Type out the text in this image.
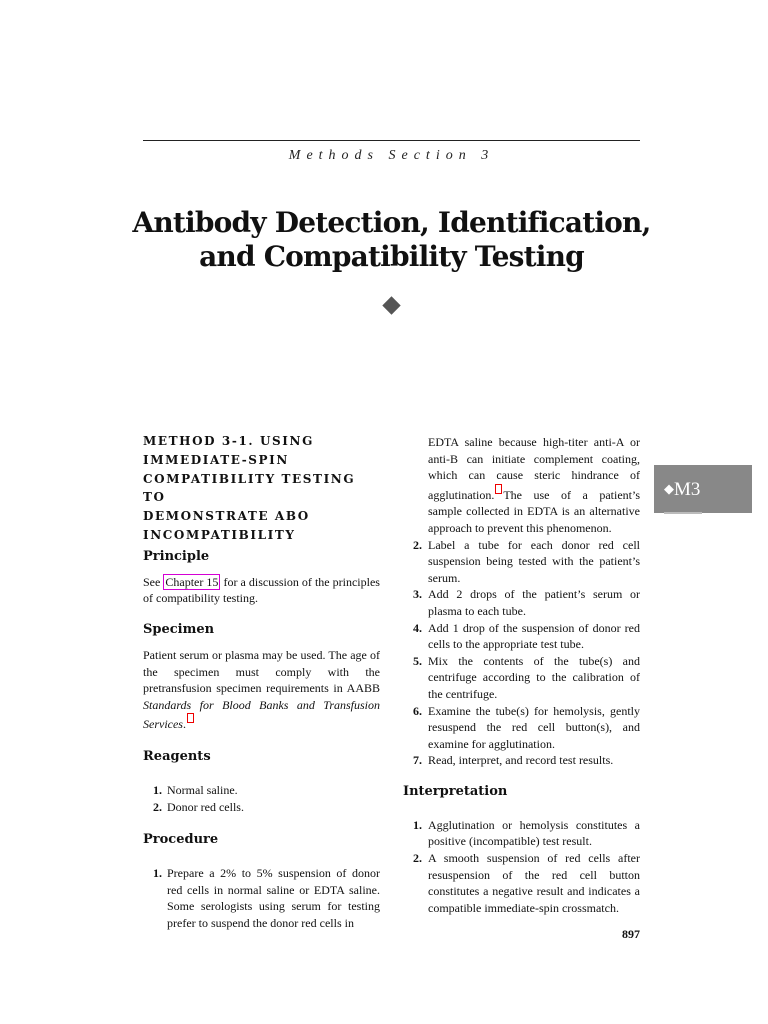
Methods Section 3
Antibody Detection, Identification,
and Compatibility Testing
◆M3
METHOD 3-1. USING
IMMEDIATE-SPIN
COMPATIBILITY TESTING TO
DEMONSTRATE ABO
INCOMPATIBILITY
Principle

See Chapter 15 for a discussion of the principles of compatibility testing.

Specimen

Patient serum or plasma may be used. The age of the specimen must comply with the pretransfusion specimen requirements in AABB Standards for Blood Banks and Transfusion Services.

Reagents
1. Normal saline.
2. Donor red cells.
Procedure
1. Prepare a 2% to 5% suspension of donor red cells in normal saline or EDTA saline. Some serologists using serum for testing prefer to suspend the donor red cells in
EDTA saline because high-titer anti-A or anti-B can initiate complement coating, which can cause steric hindrance of agglutination. The use of a patient’s sample collected in EDTA is an alternative approach to prevent this phenomenon.
2. Label a tube for each donor red cell suspension being tested with the patient’s serum.
3. Add 2 drops of the patient’s serum or plasma to each tube.
4. Add 1 drop of the suspension of donor red cells to the appropriate test tube.
5. Mix the contents of the tube(s) and centrifuge according to the calibration of the centrifuge.
6. Examine the tube(s) for hemolysis, gently resuspend the red cell button(s), and examine for agglutination.
7. Read, interpret, and record test results.
Interpretation
1. Agglutination or hemolysis constitutes a positive (incompatible) test result.
2. A smooth suspension of red cells after resuspension of the red cell button constitutes a negative result and indicates a compatible immediate-spin crossmatch.
897
